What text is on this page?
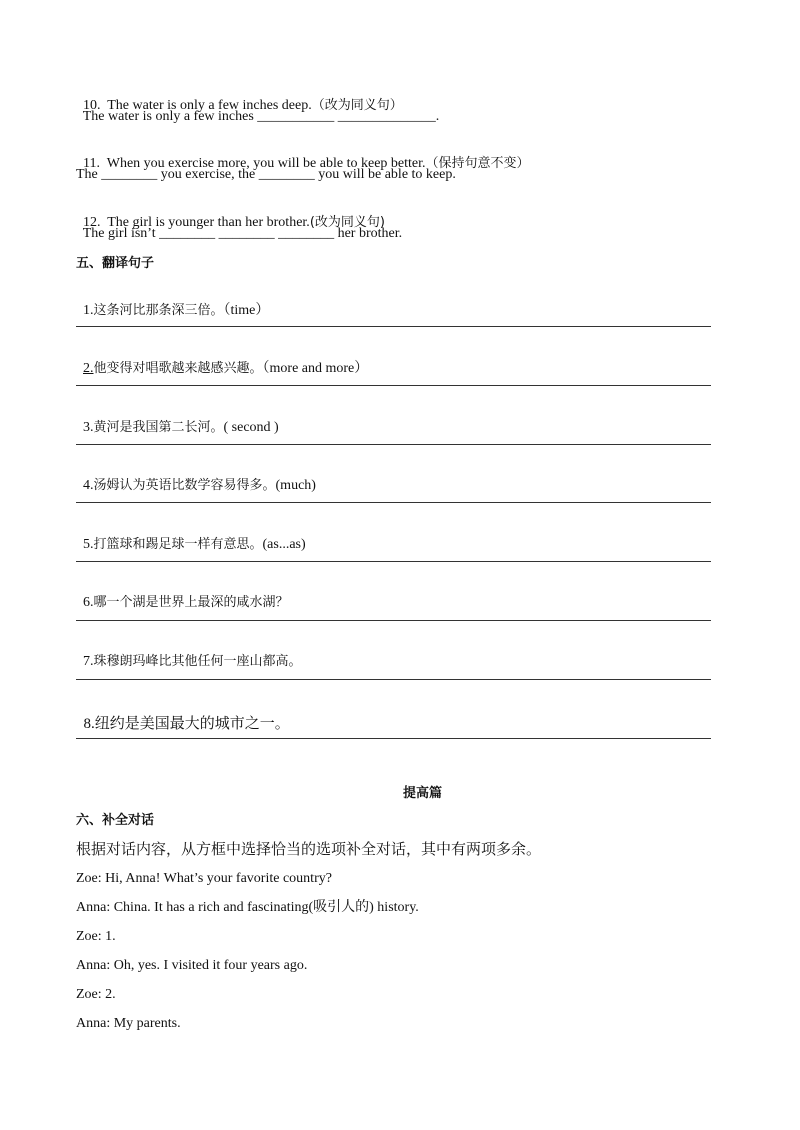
10.  The water is only a few inches deep.（改为同义句）

The water is only a few inches ___________ ______________.

11.  When you exercise more, you will be able to keep better.（保持句意不变）

The ________ you exercise, the ________ you will be able to keep.

12.  The girl is younger than her brother.(改为同义句)

The girl isn’t ________ ________ ________ her brother.
五、翻译句子

1.这条河比那条深三倍。（time）

2.他变得对唱歌越来越感兴趣。（more and more）

3.黄河是我国第二长河。( second )

4.汤姆认为英语比数学容易得多。(much)

5.打篮球和踢足球一样有意思。(as...as)

6.哪一个湖是世界上最深的咸水湖？

7.珠穆朗玛峰比其他任何一座山都高。

8.纽约是美国最大的城市之一。

提高篇
六、补全对话
根据对话内容，从方框中选择恰当的选项补全对话，其中有两项多余。
Zoe: Hi, Anna! What’s your favorite country?
Anna: China. It has a rich and fascinating(吸引人的) history.
Zoe: 1.
Anna: Oh, yes. I visited it four years ago.
Zoe: 2.
Anna: My parents.
